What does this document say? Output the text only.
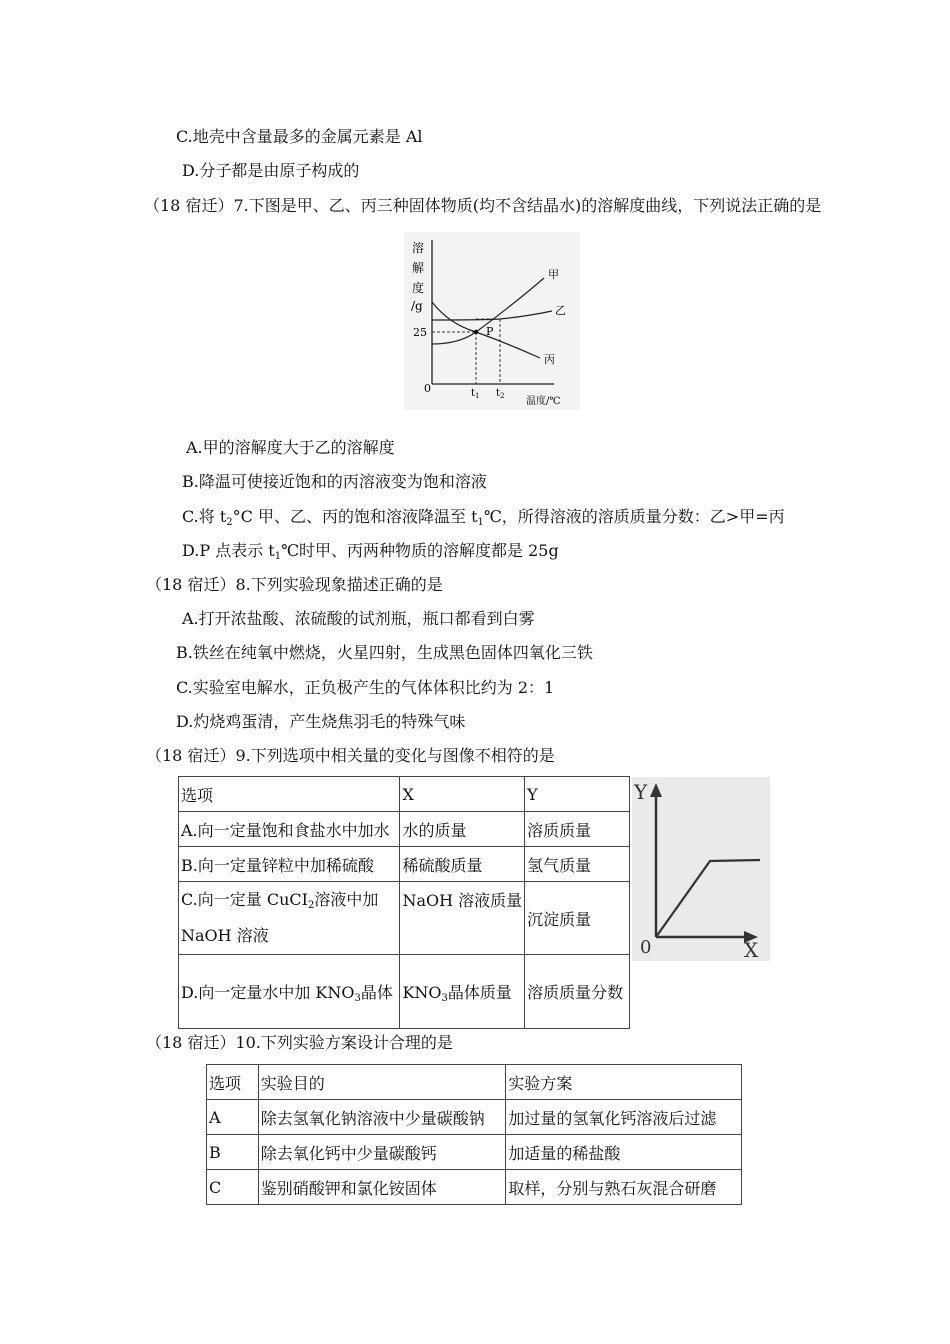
C.地壳中含量最多的金属元素是 Al
D.分子都是由原子构成的
（18 宿迁）7.下图是甲、乙、丙三种固体物质(均不含结晶水)的溶解度曲线，下列说法正确的是
溶
解
度
/g
25
0
P
甲
乙
丙
$t_1$ $t_2$ 温度/℃
A.甲的溶解度大于乙的溶解度
B.降温可使接近饱和的丙溶液变为饱和溶液
C.将 $t_2^\circ C$ 甲、乙、丙的饱和溶液降温至 $t_1℃$，所得溶液的溶质质量分数：乙>甲=丙
D.P 点表示 $t_1℃$时甲、丙两种物质的溶解度都是 25g
（18 宿迁）8.下列实验现象描述正确的是
A.打开浓盐酸、浓硫酸的试剂瓶，瓶口都看到白雾
B.铁丝在纯氧中燃烧，火星四射，生成黑色固体四氧化三铁
C.实验室电解水，正负极产生的气体体积比约为 2：1
D.灼烧鸡蛋清，产生烧焦羽毛的特殊气味
（18 宿迁）9.下列选项中相关量的变化与图像不相符的是
选项	X	Y
A.向一定量饱和食盐水中加水	水的质量	溶质质量
B.向一定量锌粒中加稀硫酸	稀硫酸质量	氢气质量
C.向一定量 CuCI$_2$溶液中加
NaOH 溶液	NaOH 溶液质量	沉淀质量
D.向一定量水中加 $KNO_3$晶体	$KNO_3$晶体质量	溶质质量分数
Y
X
0
（18 宿迁）10.下列实验方案设计合理的是
选项	实验目的	实验方案
A	除去氢氧化钠溶液中少量碳酸钠	加过量的氢氧化钙溶液后过滤
B	除去氧化钙中少量碳酸钙	加适量的稀盐酸
C	鉴别硝酸钾和氯化铵固体	取样，分别与熟石灰混合研磨
